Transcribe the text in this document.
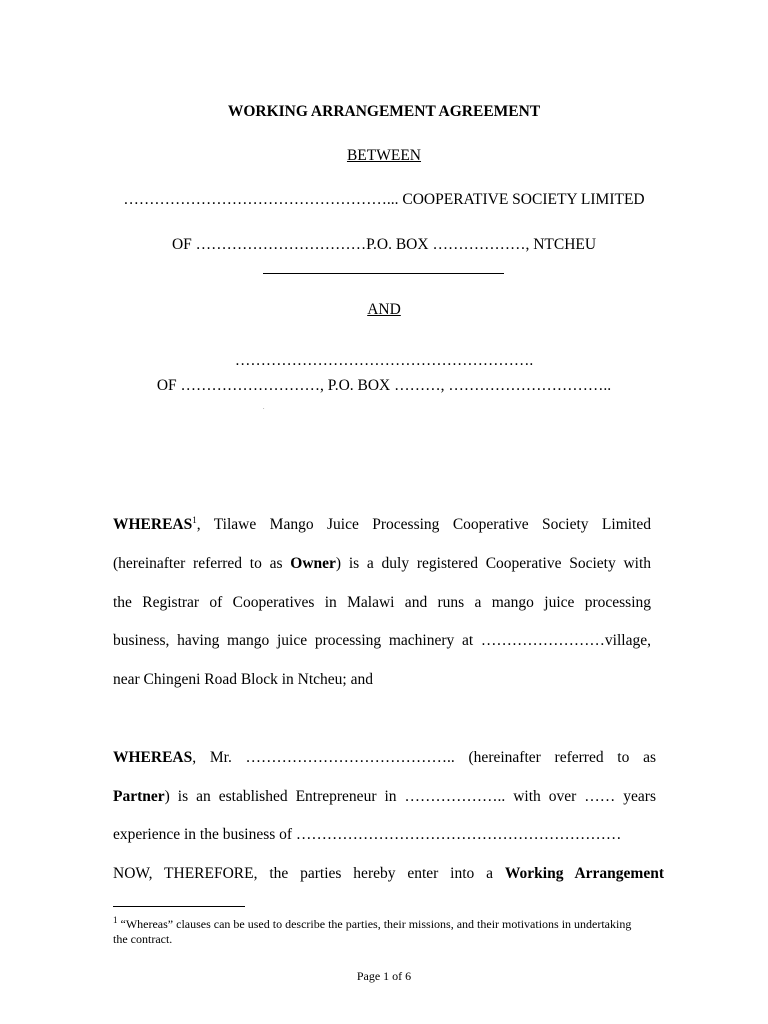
WORKING ARRANGEMENT AGREEMENT

BETWEEN

……………………………………………... COOPERATIVE SOCIETY LIMITED

OF ……………………………P.O. BOX ………………, NTCHEU

AND

………………………………………………….

OF ………………………, P.O. BOX ………, …………………………..

.

WHEREAS$^1$, Tilawe Mango Juice Processing Cooperative Society Limited

(hereinafter referred to as Owner) is a duly registered Cooperative Society with

the Registrar of Cooperatives in Malawi and runs a mango juice processing

business, having mango juice processing machinery at ……………………village,

near Chingeni Road Block in Ntcheu; and

WHEREAS, Mr. ………………………………….. (hereinafter referred to as

Partner) is an established Entrepreneur in ……………….. with over …… years

experience in the business of ………………………………………………………

NOW, THEREFORE, the parties hereby enter into a Working Arrangement

$^1$ “Whereas” clauses can be used to describe the parties, their missions, and their motivations in undertaking

the contract.

Page 1 of 6
